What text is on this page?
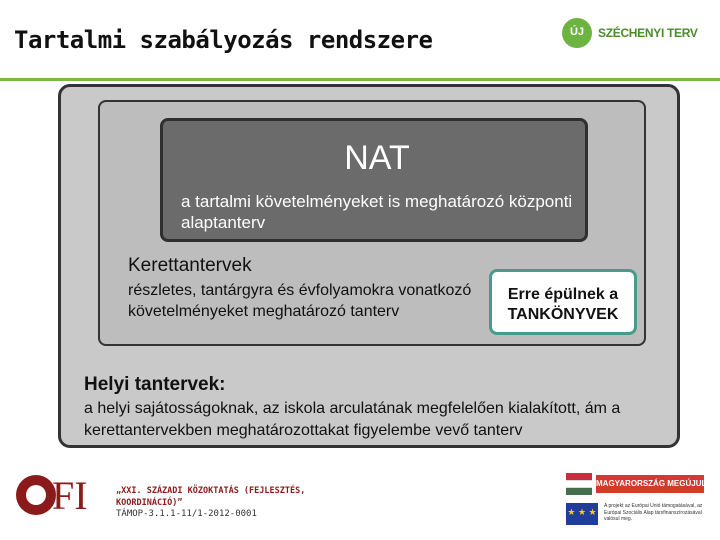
Tartalmi szabályozás rendszere	ÚJ	SZÉCHENYI TERV
NAT
a tartalmi követelményeket is meghatározó központi alaptanterv
Kerettantervek
részletes, tantárgyra és évfolyamokra vonatkozó követelményeket meghatározó tanterv
Erre épülnek a TANKÖNYVEK
Helyi tantervek:
a helyi sajátosságoknak, az iskola arculatának megfelelően kialakított, ám a kerettantervekben meghatározottakat figyelembe vevő tanterv
FI	„XXI. SZÁZADI KÖZOKTATÁS (FEJLESZTÉS, KOORDINÁCIÓ)”
TÁMOP-3.1.1-11/1-2012-0001
MAGYARORSZÁG MEGÚJUL
★ ★ ★
A projekt az Európai Unió támogatásával, az Európai Szociális Alap társfinanszírozásával valósul meg.
